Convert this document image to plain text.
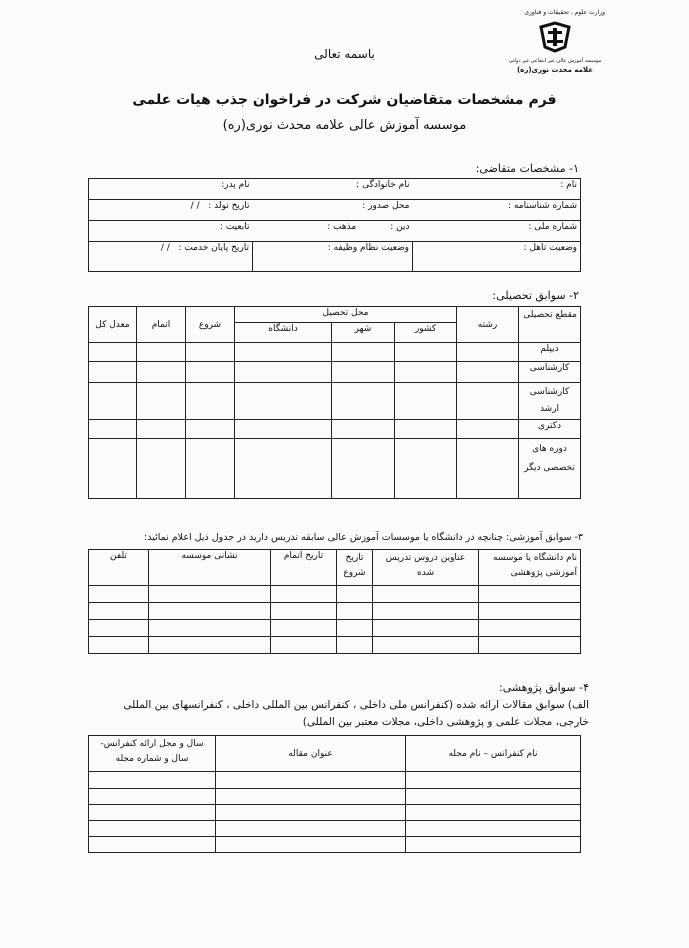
وزارت علوم ، تحقیقات و فناوری
موسسه آموزش عالی غیر انتفاعی غیر دولتی
علامه محدث نوری(ره)
باسمه تعالی
فرم مشخصات متقاضیان شرکت در فراخوان جذب هیات علمی
موسسه آموزش عالی علامه محدث نوری(ره)
۱- مشخصات متقاضی:
نام :	نام خانوادگی :	نام پدر:
شماره شناسنامه :	محل صدور :	تاریخ تولد :   / /
شماره ملی :	دین :مذهب :	تابعیت :
وضعیت تاهل :	وضعیت نظام وظیفه :	تاریخ پایان خدمت :   / /
۲- سوابق تحصیلی:
مقطع تحصیلی	رشته	محل تحصیل			شروع	اتمام	معدل کل
		کشور	شهر	دانشگاه			
دیپلم							
کارشناسی							
کارشناسی ارشد							
دکتری							
دوره های تخصصی دیگر							
۳- سوابق آموزشی: چنانچه در دانشگاه یا موسسات آموزش عالی سابقه تدریس دارید در جدول ذیل اعلام نمائید:
نام دانشگاه یا موسسه آموزشی پژوهشی	عناوین دروس تدریس شده	تاریخ شروع	تاریخ اتمام	نشانی موسسه	تلفن

۴- سوابق پژوهشی:
الف) سوابق مقالات ارائه شده (کنفرانس ملی داخلی ، کنفرانس بین المللی داخلی ، کنفرانسهای بین المللی خارجی، مجلات علمی و پژوهشی داخلی، مجلات معتبر بین المللی)
نام کنفرانس – نام مجله	عنوان مقاله	سال و محل ارائه کنفرانس- سال و شماره مجله
